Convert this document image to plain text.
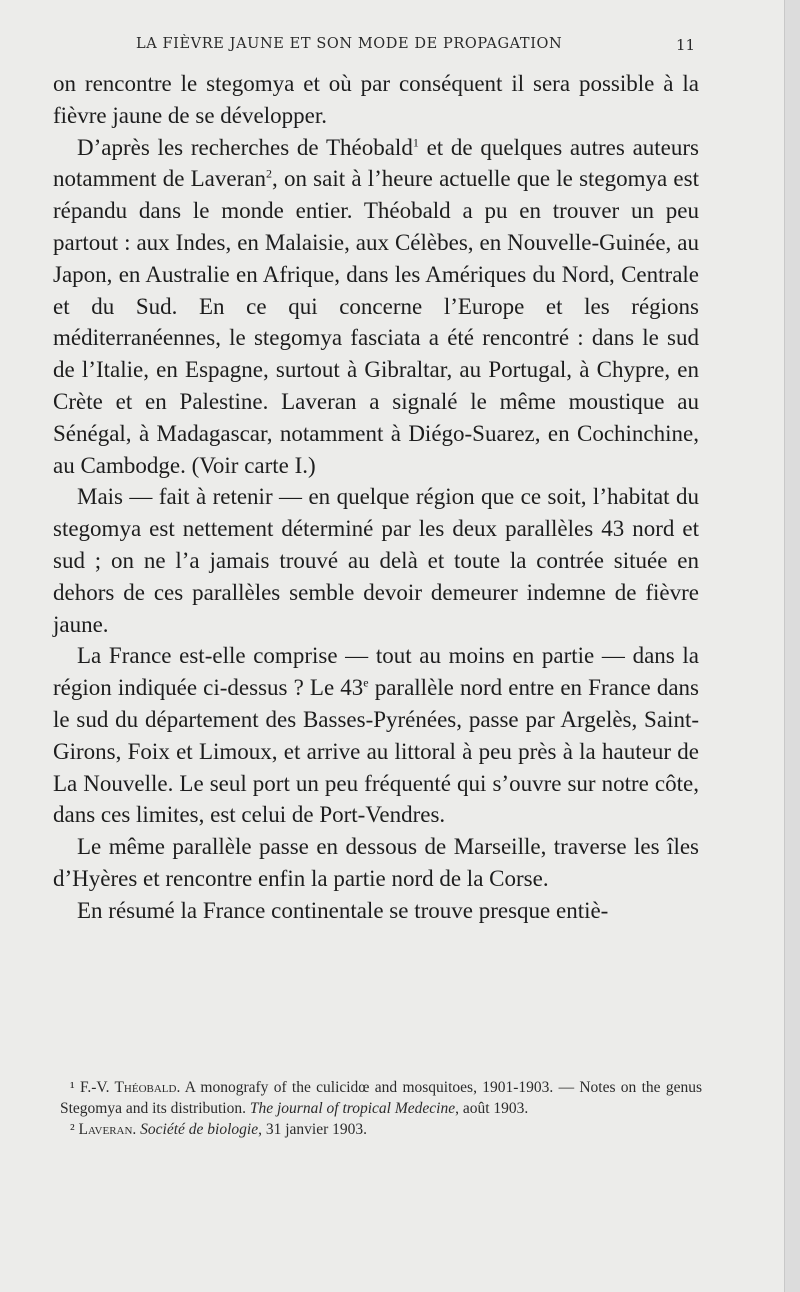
LA FIÈVRE JAUNE ET SON MODE DE PROPAGATION	11

on rencontre le stegomya et où par conséquent il sera possible à la fièvre jaune de se développer.

D’après les recherches de Théobald$^1$ et de quelques autres auteurs notamment de Laveran$^2$, on sait à l’heure actuelle que le stegomya est répandu dans le monde entier. Théobald a pu en trouver un peu partout : aux Indes, en Malaisie, aux Célèbes, en Nouvelle-Guinée, au Japon, en Australie en Afrique, dans les Amériques du Nord, Centrale et du Sud. En ce qui concerne l’Europe et les régions méditerranéennes, le stegomya fasciata a été rencontré : dans le sud de l’Italie, en Espagne, surtout à Gibraltar, au Portugal, à Chypre, en Crète et en Palestine. Laveran a signalé le même moustique au Sénégal, à Madagascar, notamment à Diégo-Suarez, en Cochinchine, au Cambodge. (Voir carte I.)

Mais — fait à retenir — en quelque région que ce soit, l’habitat du stegomya est nettement déterminé par les deux parallèles 43 nord et sud ; on ne l’a jamais trouvé au delà et toute la contrée située en dehors de ces parallèles semble devoir demeurer indemne de fièvre jaune.

La France est-elle comprise — tout au moins en partie — dans la région indiquée ci-dessus ? Le 43e parallèle nord entre en France dans le sud du département des Basses-Pyrénées, passe par Argelès, Saint-Girons, Foix et Limoux, et arrive au littoral à peu près à la hauteur de La Nouvelle. Le seul port un peu fréquenté qui s’ouvre sur notre côte, dans ces limites, est celui de Port-Vendres.

Le même parallèle passe en dessous de Marseille, traverse les îles d’Hyères et rencontre enfin la partie nord de la Corse.

En résumé la France continentale se trouve presque entiè-

¹ F.-V. Théobald. A monografy of the culicidœ and mosquitoes, 1901-1903. — Notes on the genus Stegomya and its distribution. The journal of tropical Medecine, août 1903.

² Laveran. Société de biologie, 31 janvier 1903.
